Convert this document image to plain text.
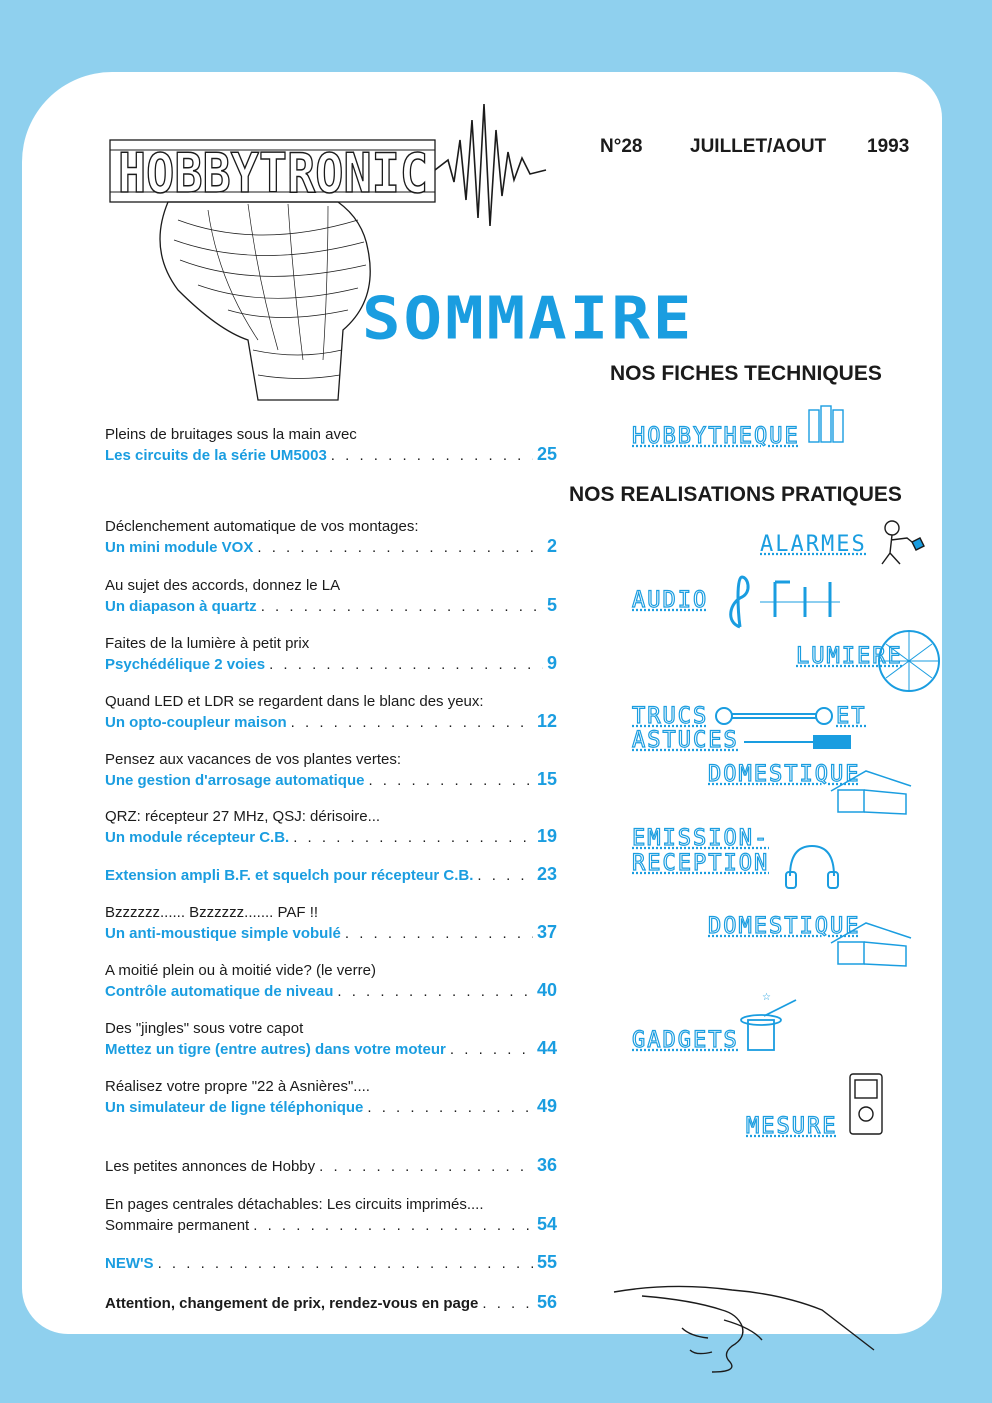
HOBBYTRONIC	N°28	JUILLET/AOUT 1993
SOMMAIRE
NOS FICHES TECHNIQUES
NOS REALISATIONS PRATIQUES
Pleins de bruitages sous la main avec
Les circuits de la série UM5003 . . .	25
Déclenchement automatique de vos montages:
Un mini module VOX . . .	2
Au sujet des accords, donnez le LA
Un diapason à quartz . . .	5
Faites de la lumière à petit prix
Psychédélique 2 voies . . .	9
Quand LED et LDR se regardent dans le blanc des yeux:
Un opto-coupleur maison . . .	12
Pensez aux vacances de vos plantes vertes:
Une gestion d'arrosage automatique . . .	15
QRZ: récepteur 27 MHz, QSJ: dérisoire...
Un module récepteur C.B. . . .	19
Extension ampli B.F. et squelch pour récepteur C.B. . . .	23
Bzzzzzz...... Bzzzzzz....... PAF !!
Un anti-moustique simple vobulé . . .	37
A moitié plein ou à moitié vide? (le verre)
Contrôle automatique de niveau . . .	40
Des "jingles" sous votre capot
Mettez un tigre (entre autres) dans votre moteur . . .	44
Réalisez votre propre "22 à Asnières"....
Un simulateur de ligne téléphonique . . .	49
Les petites annonces de Hobby . . .	36
En pages centrales détachables: Les circuits imprimés....
Sommaire permanent . . .	54
NEW'S . . .	55
Attention, changement de prix, rendez-vous en page . . .	56
HOBBYTHEQUE
ALARMES
AUDIO
LUMIERE
TRUCS	ET
ASTUCES
DOMESTIQUE
EMISSION-
RECEPTION
DOMESTIQUE
GADGETS
☆
MESURE
